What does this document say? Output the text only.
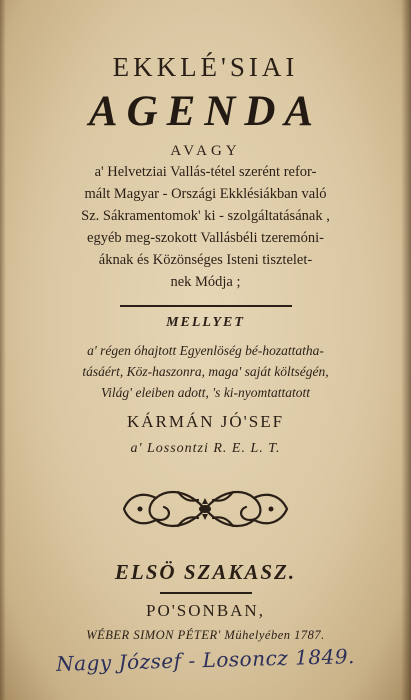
EKKLÉ'SIAI
AGENDA
AVAGY
a' Helvetziai Vallás-tétel szerént refor-
mált Magyar - Országi Ekklésiákban való
Sz. Sákramentomok' ki - szolgáltatásának ,
egyéb meg-szokott Vallásbéli tzeremóni-
áknak és Közönséges Isteni tisztelet-
nek Módja ;
MELLYET
a' régen óhajtott Egyenlöség bé-hozattatha-
tásáért, Köz-haszonra, maga' saját költségén,
Világ' eleiben adott, 's ki-nyomtattatott
KÁRMÁN JÓ'SEF
a' Lossontzi R. E. L. T.
ELSÖ SZAKASZ.
PO'SONBAN,
WÉBER SIMON PÉTER' Mühelyében 1787.
Nagy József - Losoncz 1849.
